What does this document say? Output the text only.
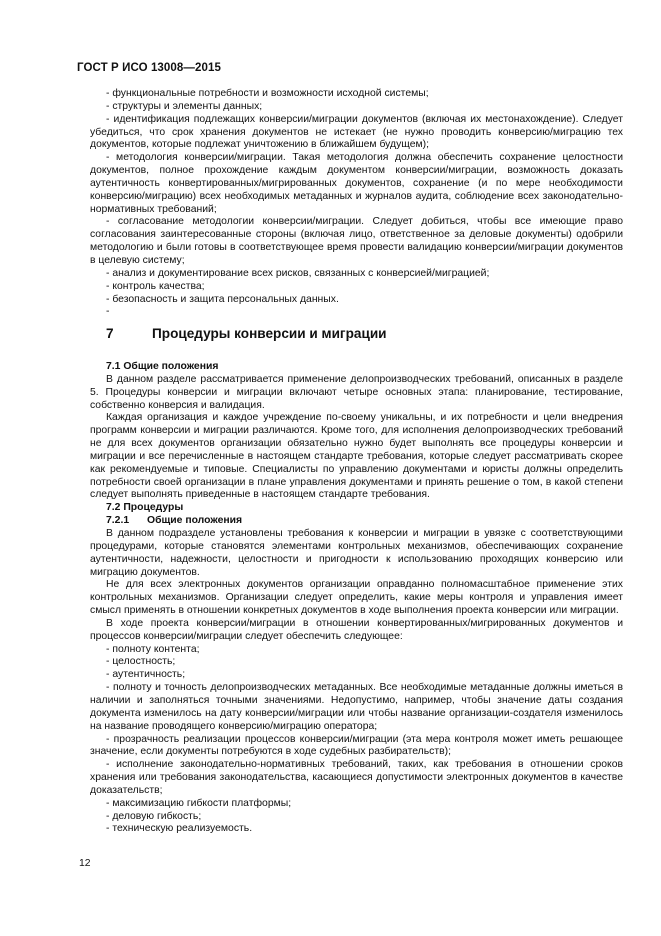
ГОСТ Р ИСО 13008—2015

- функциональные потребности и возможности исходной системы;

- структуры и элементы данных;

- идентификация подлежащих конверсии/миграции документов (включая их местонахождение). Следует убедиться, что срок хранения документов не истекает (не нужно проводить конверсию/миграцию тех документов, которые подлежат уничтожению в ближайшем будущем);

- методология конверсии/миграции. Такая методология должна обеспечить сохранение целостности документов, полное прохождение каждым документом конверсии/миграции, возможность доказать аутентичность конвертированных/мигрированных документов, сохранение (и по мере необходимости конверсию/миграцию) всех необходимых метаданных и журналов аудита, соблюдение всех законодательно-нормативных требований;

- согласование методологии конверсии/миграции. Следует добиться, чтобы все имеющие право согласования заинтересованные стороны (включая лицо, ответственное за деловые документы) одобрили методологию и были готовы в соответствующее время провести валидацию конверсии/миграции документов в целевую систему;

- анализ и документирование всех рисков, связанных с конверсией/миграцией;

- контроль качества;

- безопасность и защита персональных данных.

-

7	Процедуры конверсии и миграции

7.1 Общие положения

В данном разделе рассматривается применение делопроизводческих требований, описанных в разделе 5. Процедуры конверсии и миграции включают четыре основных этапа: планирование, тестирование, собственно конверсия и валидация.

Каждая организация и каждое учреждение по-своему уникальны, и их потребности и цели внедрения программ конверсии и миграции различаются. Кроме того, для исполнения делопроизводческих требований не для всех документов организации обязательно нужно будет выполнять все процедуры конверсии и миграции и все перечисленные в настоящем стандарте требования, которые следует рассматривать скорее как рекомендуемые и типовые. Специалисты по управлению документами и юристы должны определить потребности своей организации в плане управления документами и принять решение о том, в какой степени следует выполнять приведенные в настоящем стандарте требования.

7.2 Процедуры

7.2.1	Общие положения

В данном подразделе установлены требования к конверсии и миграции в увязке с соответствующими процедурами, которые становятся элементами контрольных механизмов, обеспечивающих сохранение аутентичности, надежности, целостности и пригодности к использованию проходящих конверсию или миграцию документов.

Не для всех электронных документов организации оправданно полномасштабное применение этих контрольных механизмов. Организации следует определить, какие меры контроля и управления имеет смысл применять в отношении конкретных документов в ходе выполнения проекта конверсии или миграции.

В ходе проекта конверсии/миграции в отношении конвертированных/мигрированных документов и процессов конверсии/миграции следует обеспечить следующее:

- полноту контента;

- целостность;

- аутентичность;

- полноту и точность делопроизводческих метаданных. Все необходимые метаданные должны иметься в наличии и заполняться точными значениями. Недопустимо, например, чтобы значение даты создания документа изменилось на дату конверсии/миграции или чтобы название организации-создателя изменилось на название проводящего конверсию/миграцию оператора;

- прозрачность реализации процессов конверсии/миграции (эта мера контроля может иметь решающее значение, если документы потребуются в ходе судебных разбирательств);

- исполнение законодательно-нормативных требований, таких, как требования в отношении сроков хранения или требования законодательства, касающиеся допустимости электронных документов в качестве доказательств;

- максимизацию гибкости платформы;

- деловую гибкость;

- техническую реализуемость.

12
